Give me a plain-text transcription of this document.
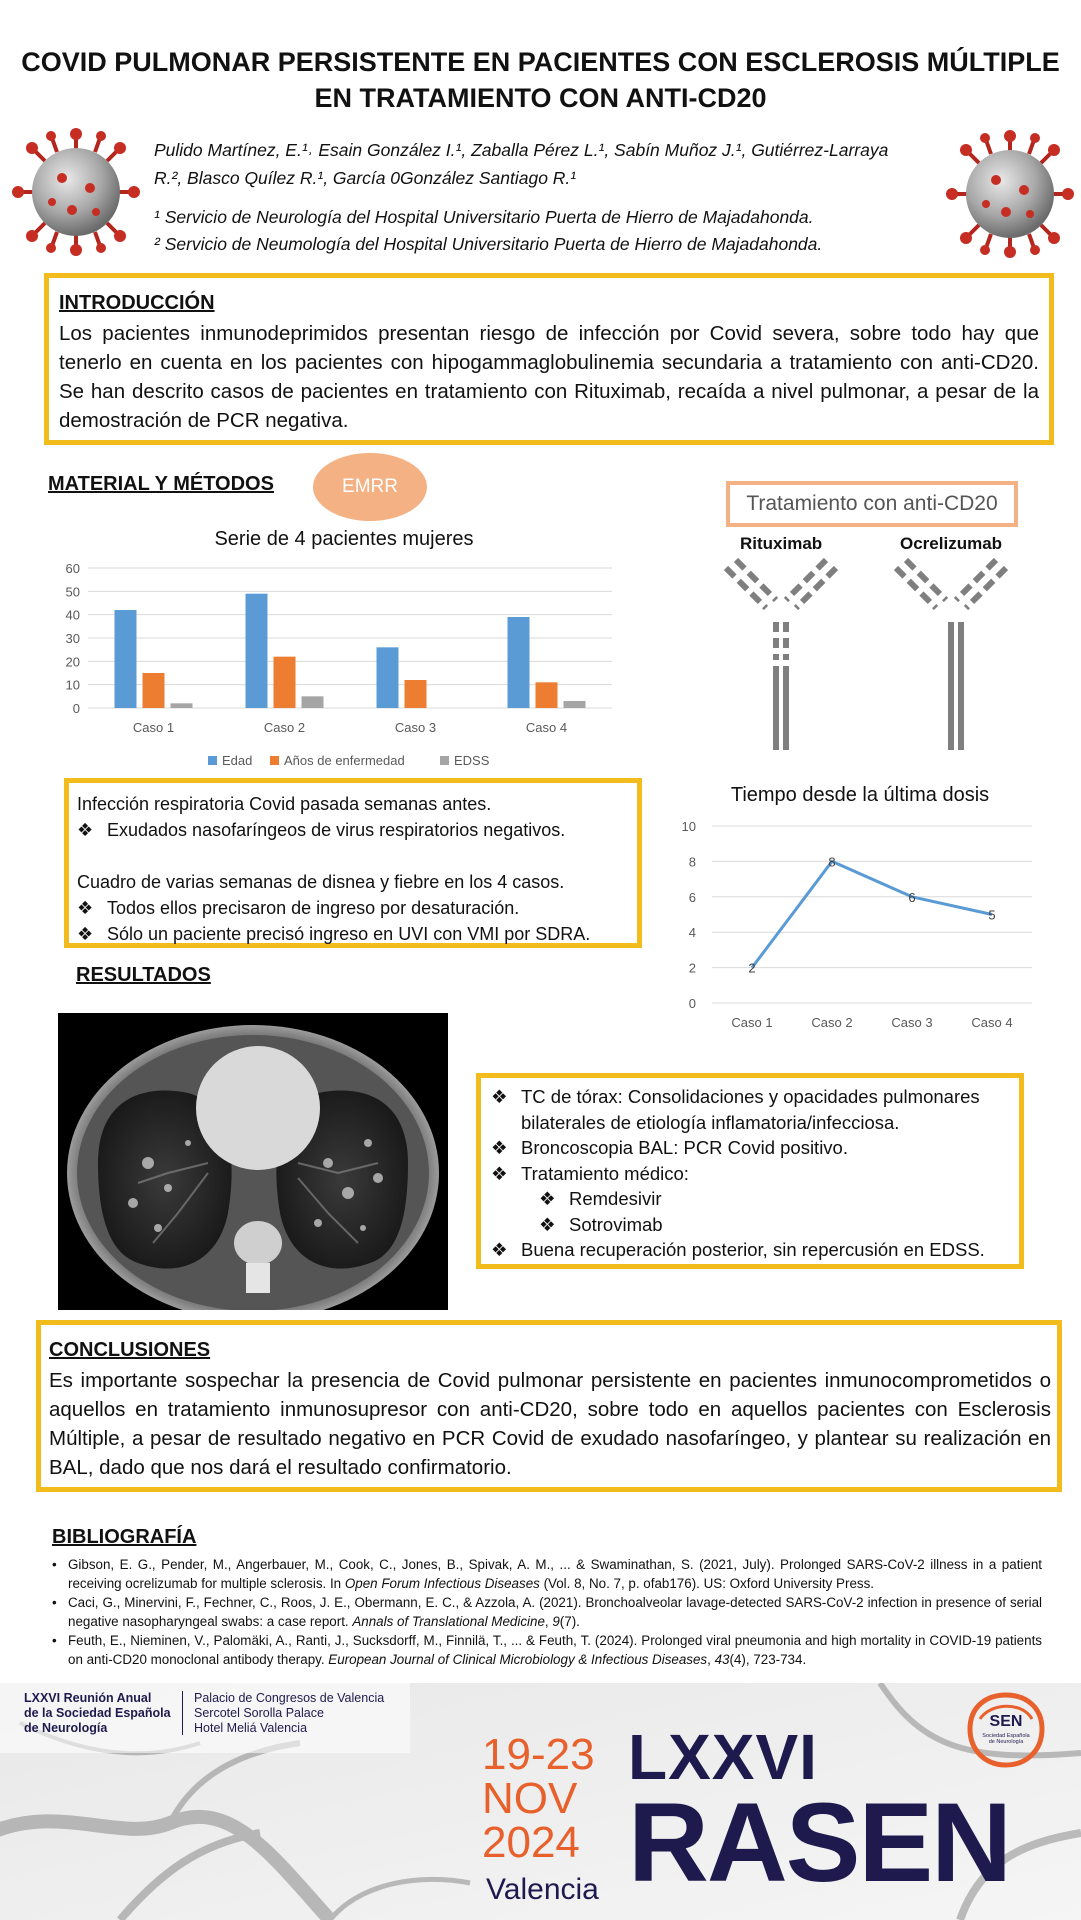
COVID PULMONAR PERSISTENTE EN PACIENTES CON ESCLEROSIS MÚLTIPLE
EN TRATAMIENTO CON ANTI-CD20
Pulido Martínez, E.¹˒ Esain González I.¹, Zaballa Pérez L.¹, Sabín Muñoz J.¹, Gutiérrez-Larraya
R.², Blasco Quílez R.¹, García 0González Santiago R.¹
¹ Servicio de Neurología del Hospital Universitario Puerta de Hierro de Majadahonda.
² Servicio de Neumología del Hospital Universitario Puerta de Hierro de Majadahonda.
INTRODUCCIÓN

Los pacientes inmunodeprimidos presentan riesgo de infección por Covid severa, sobre todo hay que tenerlo en cuenta en los pacientes con hipogammaglobulinemia secundaria a tratamiento con anti-CD20. Se han descrito casos de pacientes en tratamiento con Rituximab, recaída a nivel pulmonar, a pesar de la demostración de PCR negativa.

MATERIAL Y MÉTODOS	EMRR
Serie de 4 pacientes mujeres
0
10
20
30
40
50
60
Caso 1	Caso 2	Caso 3	Caso 4
Edad Años de enfermedad	EDSS
Tratamiento con anti-CD20
Rituximab	Ocrelizumab
Infección respiratoria Covid pasada semanas antes.
❖ Exudados nasofaríngeos de virus respiratorios negativos.
Cuadro de varias semanas de disnea y fiebre en los 4 casos.
❖ Todos ellos precisaron de ingreso por desaturación.
❖ Sólo un paciente precisó ingreso en UVI con VMI por SDRA.
Tiempo desde la última dosis
0
2
4
6
8
10
Caso 1	Caso 2	Caso 3	Caso 4
2
8
6
5
RESULTADOS
❖ TC de tórax: Consolidaciones y opacidades pulmonares
bilaterales de etiología inflamatoria/infecciosa.
❖ Broncoscopia BAL: PCR Covid positivo.
❖ Tratamiento médico:
❖ Remdesivir
❖ Sotrovimab
❖ Buena recuperación posterior, sin repercusión en EDSS.
CONCLUSIONES

Es importante sospechar la presencia de Covid pulmonar persistente en pacientes inmunocomprometidos o aquellos en tratamiento inmunosupresor con anti-CD20, sobre todo en aquellos pacientes con Esclerosis Múltiple, a pesar de resultado negativo en PCR Covid de exudado nasofaríngeo, y plantear su realización en BAL, dado que nos dará el resultado confirmatorio.

BIBLIOGRAFÍA
• Gibson, E. G., Pender, M., Angerbauer, M., Cook, C., Jones, B., Spivak, A. M., ... & Swaminathan, S. (2021, July). Prolonged SARS-CoV-2 illness in a patient receiving ocrelizumab for multiple sclerosis. In Open Forum Infectious Diseases (Vol. 8, No. 7, p. ofab176). US: Oxford University Press.
• Caci, G., Minervini, F., Fechner, C., Roos, J. E., Obermann, E. C., & Azzola, A. (2021). Bronchoalveolar lavage-detected SARS-CoV-2 infection in presence of serial negative nasopharyngeal swabs: a case report. Annals of Translational Medicine, 9(7).
• Feuth, E., Nieminen, V., Palomäki, A., Ranti, J., Sucksdorff, M., Finnilä, T., ... & Feuth, T. (2024). Prolonged viral pneumonia and high mortality in COVID-19 patients on anti-CD20 monoclonal antibody therapy. European Journal of Clinical Microbiology & Infectious Diseases, 43(4), 723-734.
LXXVI Reunión Anual
de la Sociedad Española
de Neurología
Palacio de Congresos de Valencia
Sercotel Sorolla Palace
Hotel Meliá Valencia
19-23
NOV
2024
Valencia
LXXVI
RASEN
SEN
Sociedad Española
de Neurología
